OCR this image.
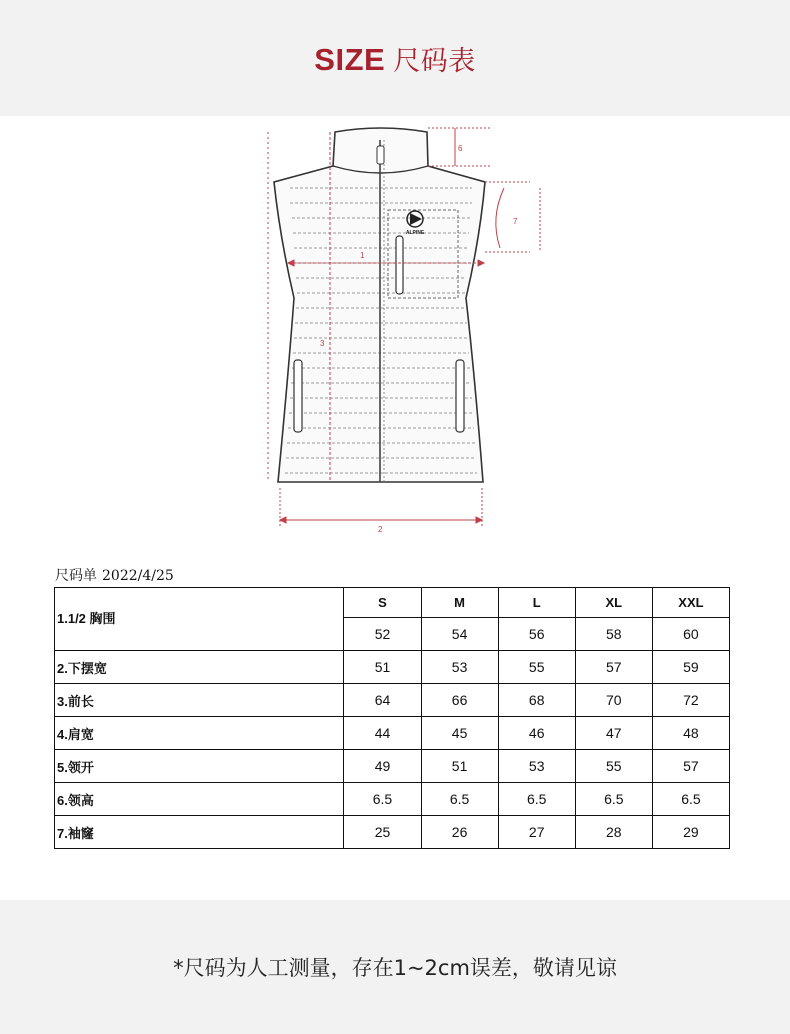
SIZE 尺码表
ALPINE
1
2
3
6
7
尺码单 2022/4/25
1.1/2 胸围	S	M	L	XL	XXL
	52	54	56	58	60
2.下摆宽	51	53	55	57	59
3.前长	64	66	68	70	72
4.肩宽	44	45	46	47	48
5.领开	49	51	53	55	57
6.领高	6.5	6.5	6.5	6.5	6.5
7.袖窿	25	26	27	28	29
*尺码为人工测量，存在1~2cm误差，敬请见谅
